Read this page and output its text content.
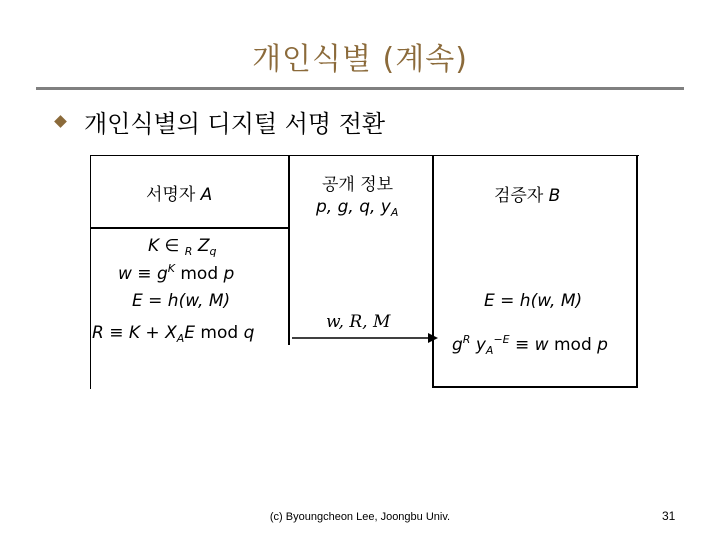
개인식별 (계속)
개인식별의 디지털 서명 전환
서명자 A	공개 정보
p, g, q, $y_A$
검증자 B
K ∈ $_R$ $Z_q$
$w \equiv g^K$ mod p
E = h(w, M)
$R \equiv K + X_AE$ mod q
w, R, M
E = h(w, M)
$g^R$ $y_A^{-E} \equiv w$ mod p
(c) Byoungcheon Lee, Joongbu Univ.	31
